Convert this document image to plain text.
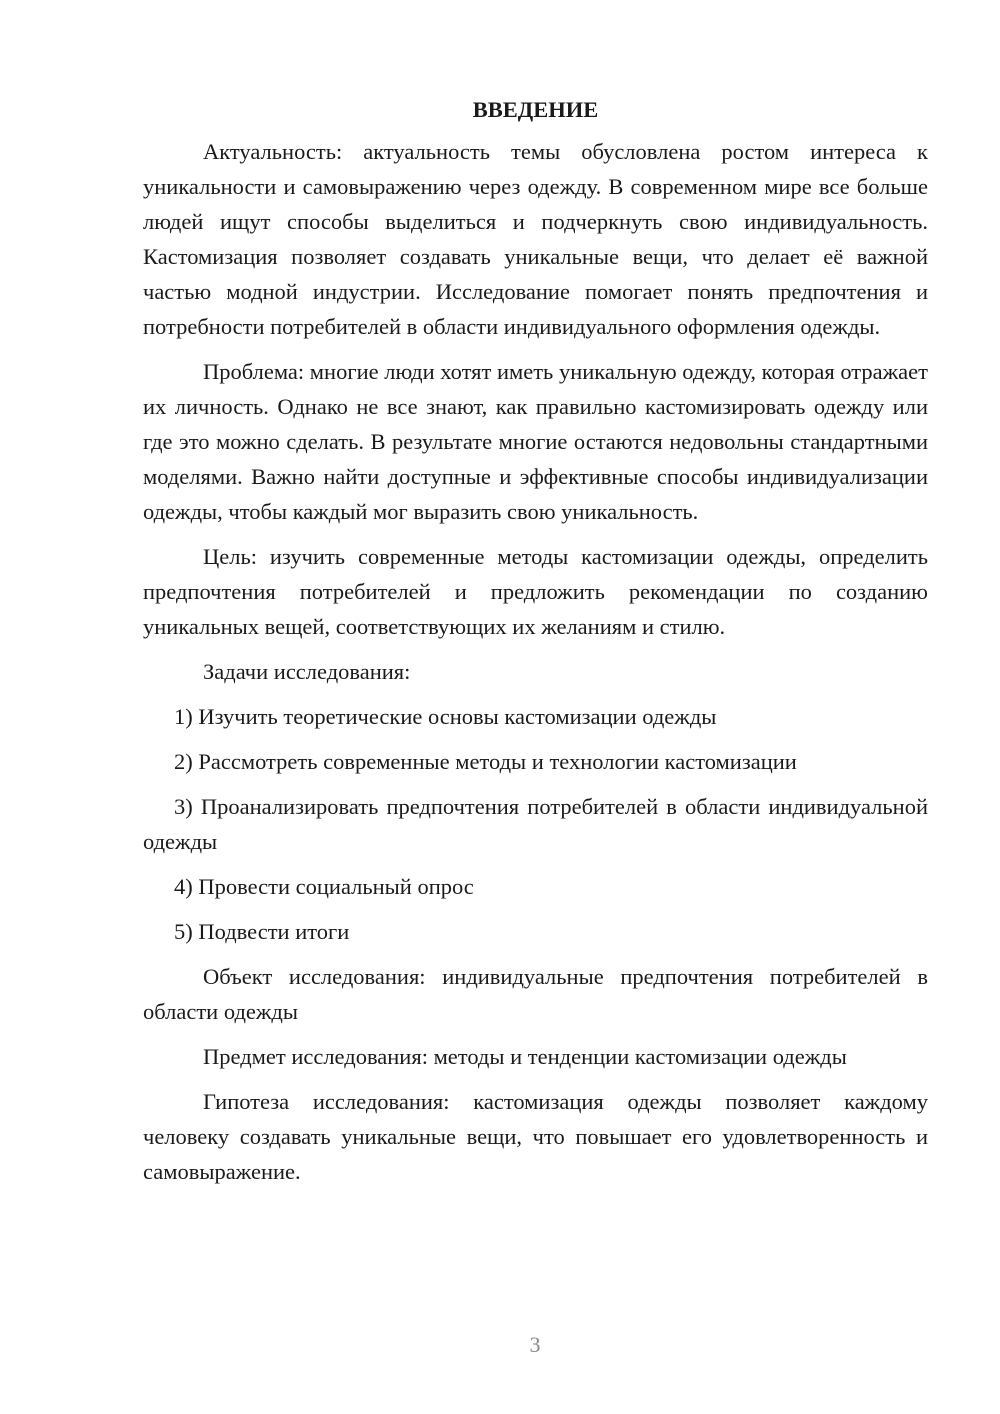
ВВЕДЕНИЕ

Актуальность: актуальность темы обусловлена ростом интереса к уникальности и самовыражению через одежду. В современном мире все больше людей ищут способы выделиться и подчеркнуть свою индивидуальность. Кастомизация позволяет создавать уникальные вещи, что делает её важной частью модной индустрии. Исследование помогает понять предпочтения и потребности потребителей в области индивидуального оформления одежды.

Проблема: многие люди хотят иметь уникальную одежду, которая отражает их личность. Однако не все знают, как правильно кастомизировать одежду или где это можно сделать. В результате многие остаются недовольны стандартными моделями. Важно найти доступные и эффективные способы индивидуализации одежды, чтобы каждый мог выразить свою уникальность.

Цель: изучить современные методы кастомизации одежды, определить предпочтения потребителей и предложить рекомендации по созданию уникальных вещей, соответствующих их желаниям и стилю.

Задачи исследования:

1) Изучить теоретические основы кастомизации одежды

2) Рассмотреть современные методы и технологии кастомизации

3) Проанализировать предпочтения потребителей в области индивидуальной одежды

4) Провести социальный опрос

5) Подвести итоги

Объект исследования: индивидуальные предпочтения потребителей в области одежды

Предмет исследования: методы и тенденции кастомизации одежды

Гипотеза исследования: кастомизация одежды позволяет каждому человеку создавать уникальные вещи, что повышает его удовлетворенность и самовыражение.

3
